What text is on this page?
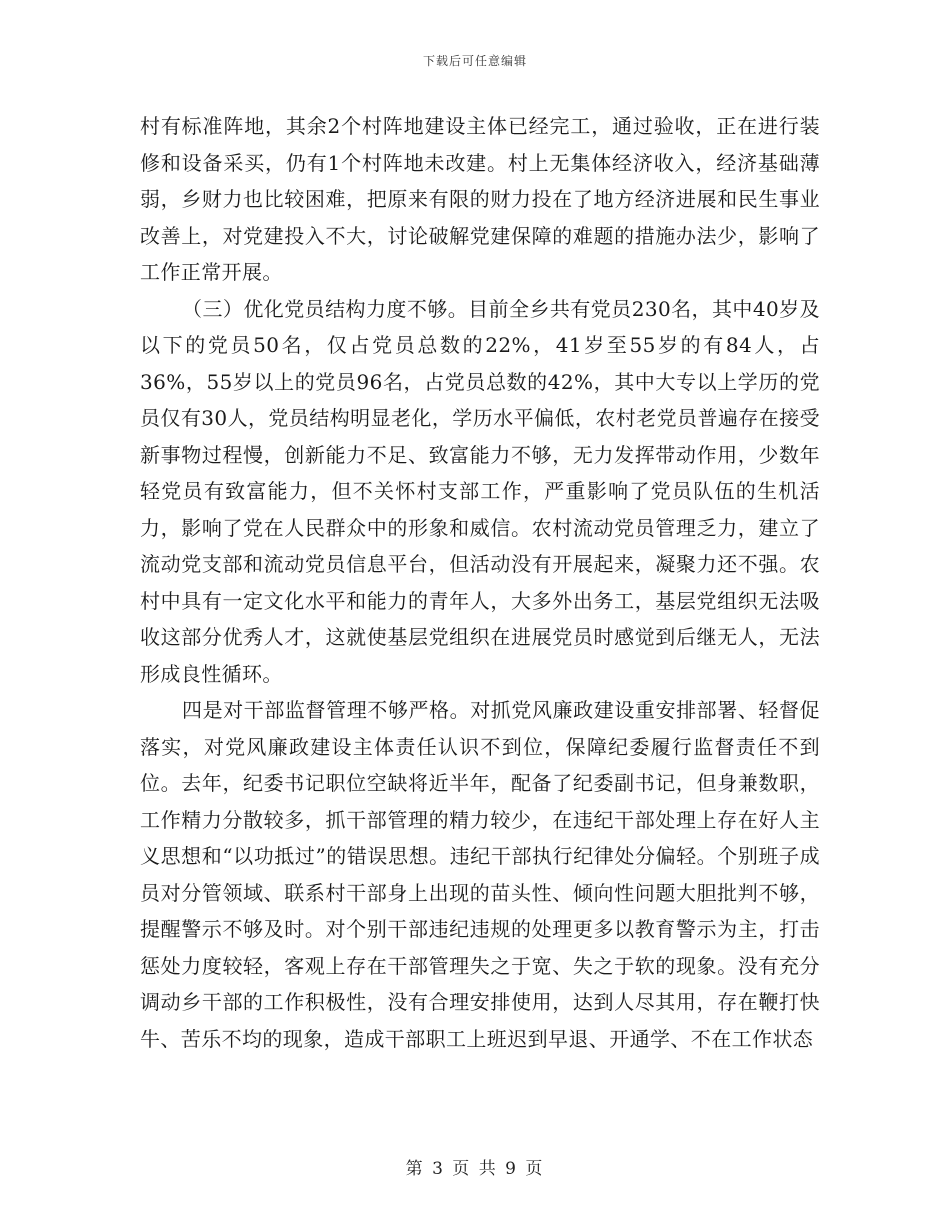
下载后可任意编辑

村有标准阵地，其余2个村阵地建设主体已经完工，通过验收，正在进行装修和设备采买，仍有1个村阵地未改建。村上无集体经济收入，经济基础薄弱，乡财力也比较困难，把原来有限的财力投在了地方经济进展和民生事业改善上，对党建投入不大，讨论破解党建保障的难题的措施办法少，影响了工作正常开展。

（三）优化党员结构力度不够。目前全乡共有党员230名，其中40岁及以下的党员50名，仅占党员总数的22%，41岁至55岁的有84人，占36%，55岁以上的党员96名，占党员总数的42%，其中大专以上学历的党员仅有30人，党员结构明显老化，学历水平偏低，农村老党员普遍存在接受新事物过程慢，创新能力不足、致富能力不够，无力发挥带动作用，少数年轻党员有致富能力，但不关怀村支部工作，严重影响了党员队伍的生机活力，影响了党在人民群众中的形象和威信。农村流动党员管理乏力，建立了流动党支部和流动党员信息平台，但活动没有开展起来，凝聚力还不强。农村中具有一定文化水平和能力的青年人，大多外出务工，基层党组织无法吸收这部分优秀人才，这就使基层党组织在进展党员时感觉到后继无人，无法形成良性循环。

四是对干部监督管理不够严格。对抓党风廉政建设重安排部署、轻督促落实，对党风廉政建设主体责任认识不到位，保障纪委履行监督责任不到位。去年，纪委书记职位空缺将近半年，配备了纪委副书记，但身兼数职，工作精力分散较多，抓干部管理的精力较少，在违纪干部处理上存在好人主义思想和“以功抵过”的错误思想。违纪干部执行纪律处分偏轻。个别班子成员对分管领域、联系村干部身上出现的苗头性、倾向性问题大胆批判不够，提醒警示不够及时。对个别干部违纪违规的处理更多以教育警示为主，打击惩处力度较轻，客观上存在干部管理失之于宽、失之于软的现象。没有充分调动乡干部的工作积极性，没有合理安排使用，达到人尽其用，存在鞭打快牛、苦乐不均的现象，造成干部职工上班迟到早退、开通学、不在工作状态

第 3 页 共 9 页
